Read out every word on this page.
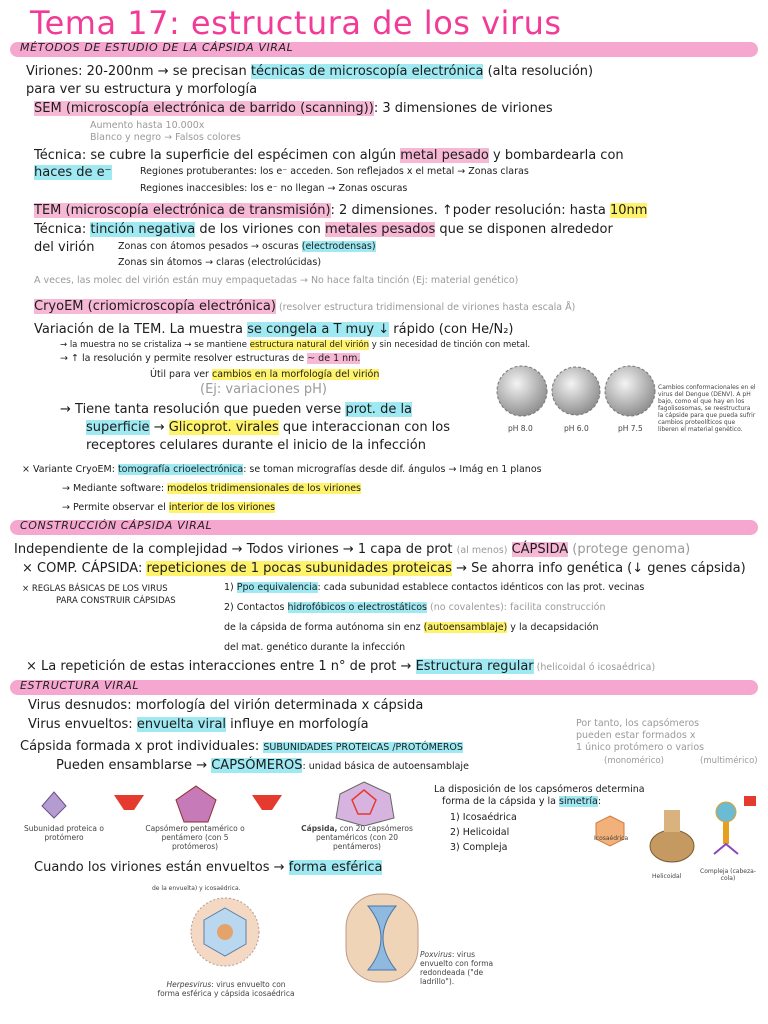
Tema 17: estructura de los virus
MÉTODOS DE ESTUDIO DE LA CÁPSIDA VIRAL
Viriones: 20-200nm → se precisan técnicas de microscopía electrónica (alta resolución)
para ver su estructura y morfología
SEM (microscopía electrónica de barrido (scanning)): 3 dimensiones de viriones
Aumento hasta 10.000x
Blanco y negro → Falsos colores
Técnica: se cubre la superficie del espécimen con algún metal pesado y bombardearla con
haces de e⁻	Regiones protuberantes: los e⁻ acceden. Son reflejados x el metal → Zonas claras
Regiones inaccesibles: los e⁻ no llegan → Zonas oscuras
TEM (microscopía electrónica de transmisión): 2 dimensiones. ↑poder resolución: hasta 10nm
Técnica: tinción negativa de los viriones con metales pesados que se disponen alrededor
del virión Zonas con átomos pesados → oscuras (electrodensas)
Zonas sin átomos → claras (electrolúcidas)
A veces, las molec del virión están muy empaquetadas → No hace falta tinción (Ej: material genético)
CryoEM (criomicroscopía electrónica) (resolver estructura tridimensional de viriones hasta escala Å)
Variación de la TEM. La muestra se congela a T muy ↓ rápido (con He/N₂)
→ la muestra no se cristaliza → se mantiene estructura natural del virión y sin necesidad de tinción con metal.
→ ↑ la resolución y permite resolver estructuras de ~ de 1 nm.
Útil para ver cambios en la morfología del virión
(Ej: variaciones pH)
→ Tiene tanta resolución que pueden verse prot. de la
superficie → Glicoprot. virales que interaccionan con los
receptores celulares durante el inicio de la infección
× Variante CryoEM: tomografía crioelectrónica: se toman micrografías desde dif. ángulos → Imág en 1 planos
→ Mediante software: modelos tridimensionales de los viriones
→ Permite observar el interior de los viriones
pH 8.0	pH 6.0	pH 7.5
Cambios conformacionales en el virus del Dengue (DENV). A pH bajo, como el que hay en los fagolisosomas, se reestructura la cápside para que pueda sufrir cambios proteolíticos que liberen el material genético.
CONSTRUCCIÓN CÁPSIDA VIRAL
Independiente de la complejidad → Todos viriones → 1 capa de prot (al menos) CÁPSIDA (protege genoma)
× COMP. CÁPSIDA: repeticiones de 1 pocas subunidades proteicas → Se ahorra info genética (↓ genes cápsida)
× REGLAS BÁSICAS DE LOS VIRUS
PARA CONSTRUIR CÁPSIDAS
1) Ppo equivalencia: cada subunidad establece contactos idénticos con las prot. vecinas
2) Contactos hidrofóbicos o electrostáticos (no covalentes): facilita construcción
de la cápsida de forma autónoma sin enz (autoensamblaje) y la decapsidación
del mat. genético durante la infección
× La repetición de estas interacciones entre 1 n° de prot → Estructura regular (helicoidal ó icosaédrica)
ESTRUCTURA VIRAL
Virus desnudos: morfología del virión determinada x cápsida
Virus envueltos: envuelta viral influye en morfología
Cápsida formada x prot individuales: SUBUNIDADES PROTEICAS /PROTÓMEROS
Pueden ensamblarse → CAPSÓMEROS: unidad básica de autoensamblaje
Por tanto, los capsómeros
pueden estar formados x
1 único protómero o varios
(monomérico)	(multimérico)
Subunidad proteica o protómero
Capsómero pentamérico o pentámero (con 5 protómeros)
Cápsida, con 20 capsómeros pentaméricos (con 20 pentámeros)
La disposición de los capsómeros determina
forma de la cápsida y la simetría:
1) Icosaédrica
2) Helicoidal
3) Compleja
Icosaédrica
Helicoidal
Compleja (cabeza-cola)
Cuando los viriones están envueltos → forma esférica
de la envuelta) y icosaédrica.
Herpesvirus: virus envuelto con forma esférica y cápsida icosaédrica
Poxvirus: virus envuelto con forma redondeada ("de ladrillo").
